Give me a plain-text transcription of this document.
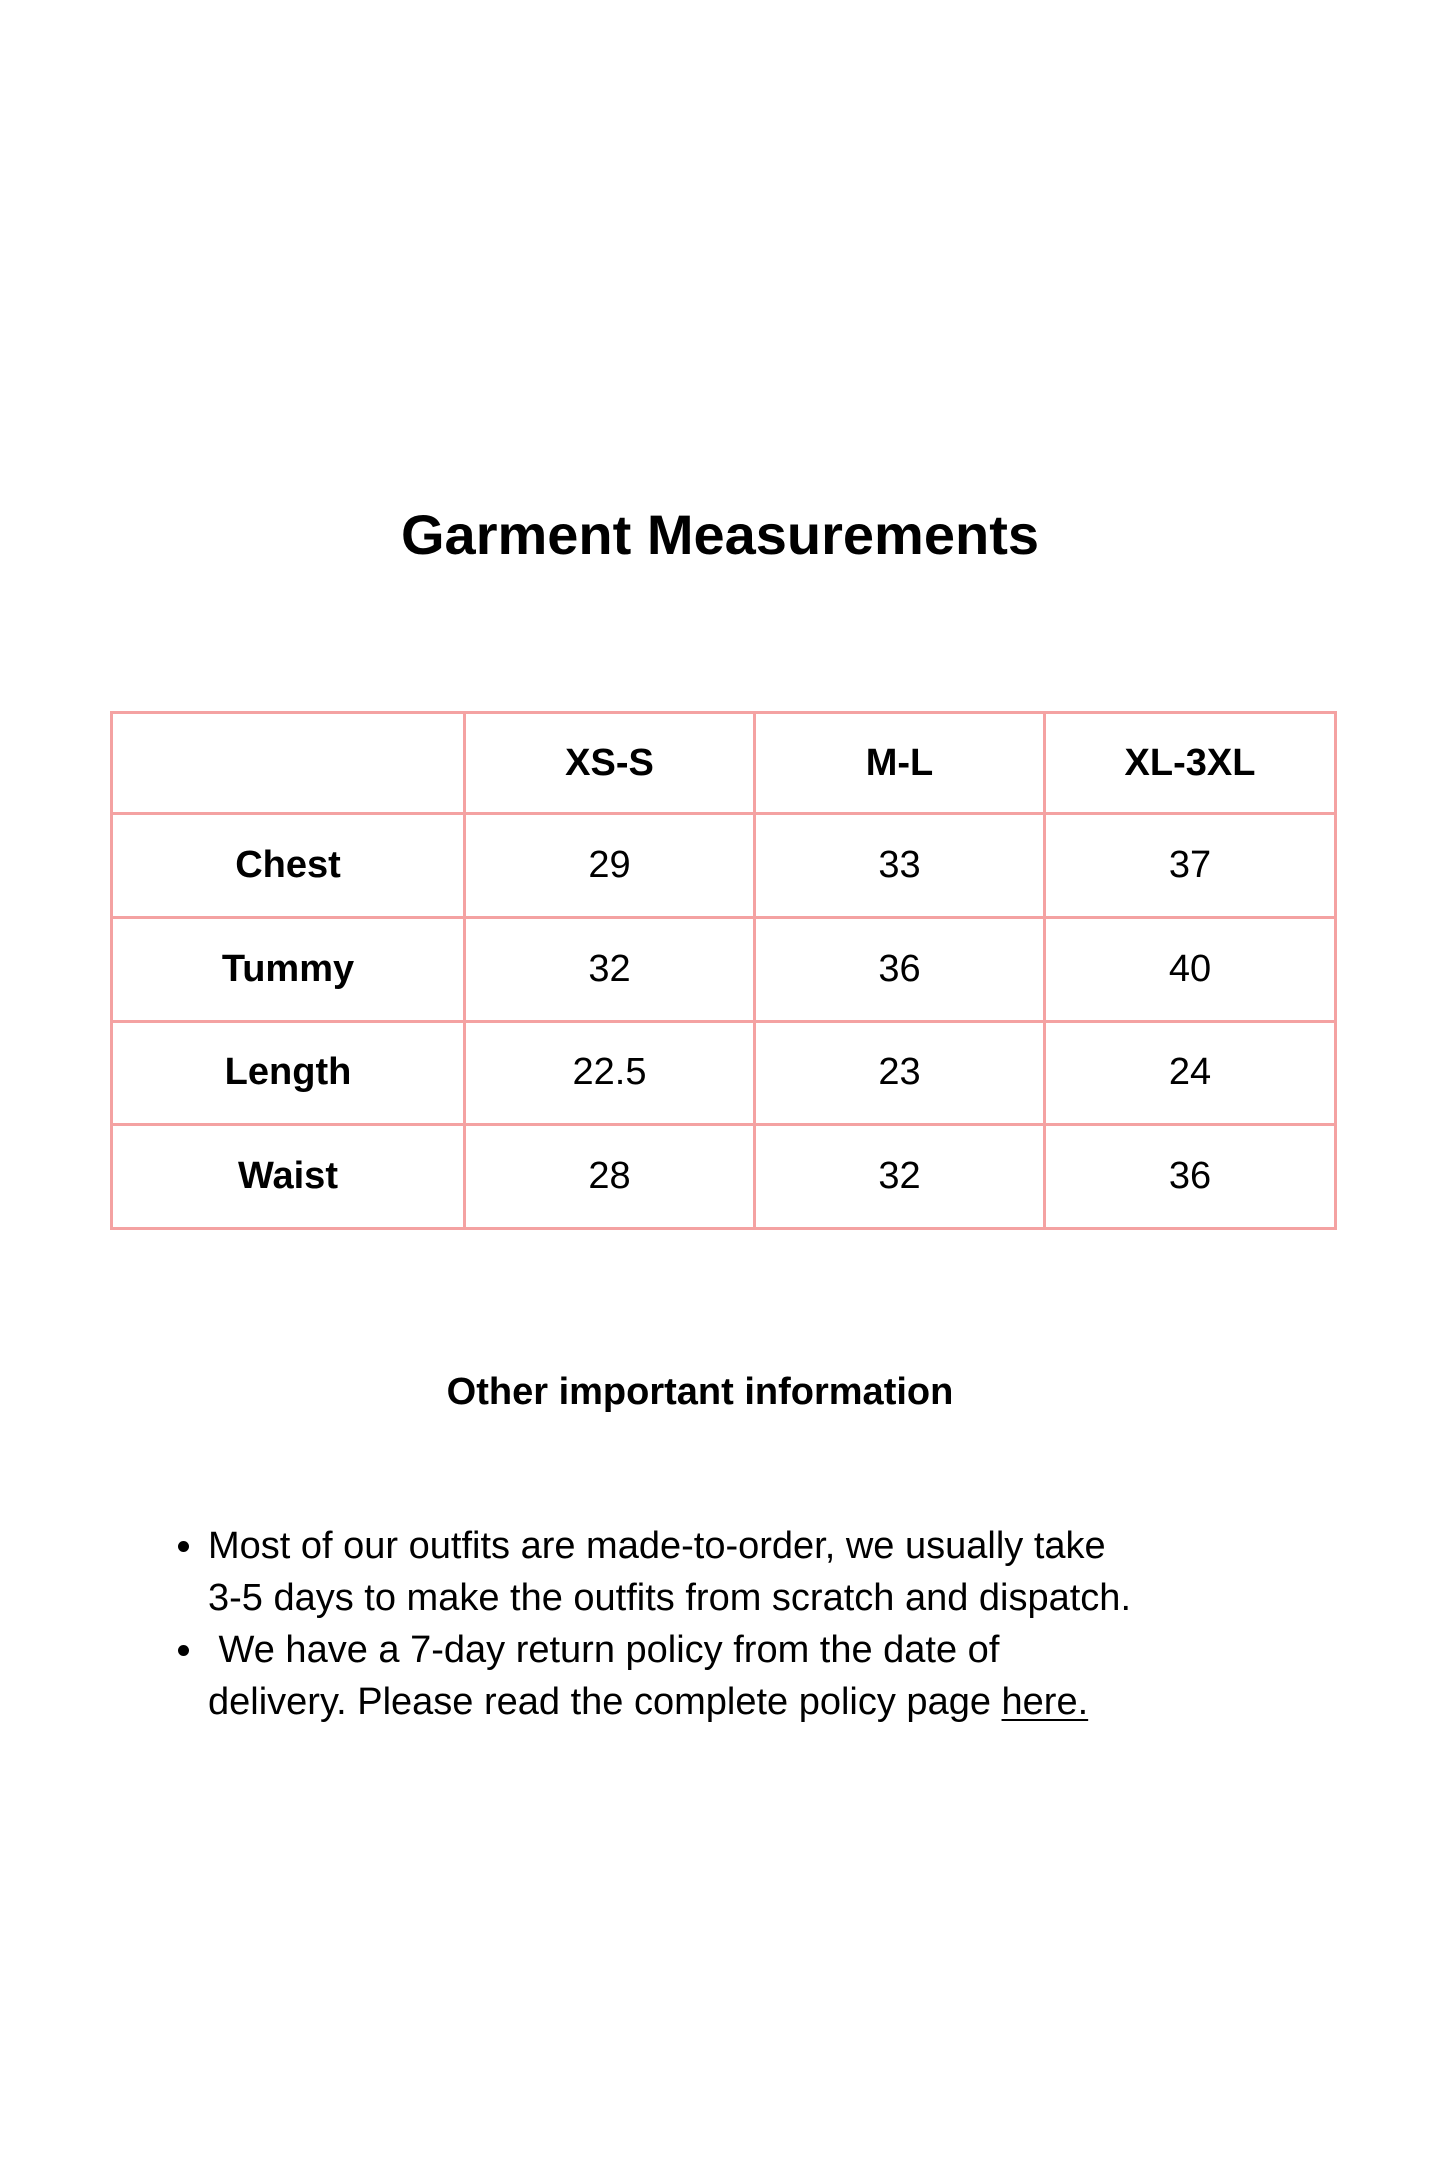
Garment Measurements
	XS-S	M-L	XL-3XL
Chest	29	33	37
Tummy	32	36	40
Length	22.5	23	24
Waist	28	32	36
Other important information
Most of our outfits are made-to-order, we usually take
3-5 days to make the outfits from scratch and dispatch.
We have a 7-day return policy from the date of
delivery. Please read the complete policy page here.
